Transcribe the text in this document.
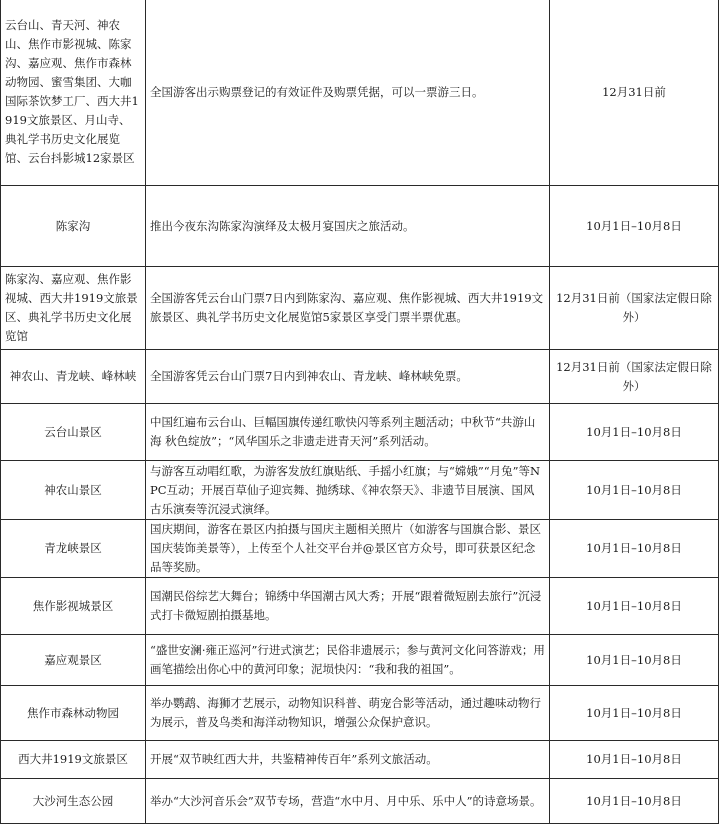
云台山、青天河、神农山、焦作市影视城、陈家沟、嘉应观、焦作市森林动物园、蜜雪集团、大咖国际茶饮梦工厂、西大井1919文旅景区、月山寺、典礼学书历史文化展览馆、云台抖影城12家景区	全国游客出示购票登记的有效证件及购票凭据，可以一票游三日。	12月31日前
陈家沟	推出今夜东沟陈家沟演绎及太极月宴国庆之旅活动。	10月1日–10月8日
陈家沟、嘉应观、焦作影视城、西大井1919文旅景区、典礼学书历史文化展览馆	全国游客凭云台山门票7日内到陈家沟、嘉应观、焦作影视城、西大井1919文旅景区、典礼学书历史文化展览馆5家景区享受门票半票优惠。	12月31日前（国家法定假日除外）
神农山、青龙峡、峰林峡	全国游客凭云台山门票7日内到神农山、青龙峡、峰林峡免票。	12月31日前（国家法定假日除外）
云台山景区	中国红遍布云台山、巨幅国旗传递红歌快闪等系列主题活动；中秋节“共游山海 秋色绽放”；“风华国乐之非遗走进青天河”系列活动。	10月1日–10月8日
神农山景区	与游客互动唱红歌，为游客发放红旗贴纸、手摇小红旗；与“嫦娥”“月兔”等NPC互动；开展百草仙子迎宾舞、抛绣球、《神农祭天》、非遗节目展演、国风古乐演奏等沉浸式演绎。	10月1日–10月8日
青龙峡景区	国庆期间，游客在景区内拍摄与国庆主题相关照片（如游客与国旗合影、景区国庆装饰美景等），上传至个人社交平台并@景区官方众号，即可获景区纪念品等奖励。	10月1日–10月8日
焦作影视城景区	国潮民俗综艺大舞台；锦绣中华国潮古风大秀；开展“跟着微短剧去旅行”沉浸式打卡微短剧拍摄基地。	10月1日–10月8日
嘉应观景区	“盛世安澜·雍正巡河”行进式演艺；民俗非遗展示；参与黄河文化问答游戏；用画笔描绘出你心中的黄河印象；泥埙快闪：“我和我的祖国”。	10月1日–10月8日
焦作市森林动物园	举办鹦鹉、海狮才艺展示，动物知识科普、萌宠合影等活动，通过趣味动物行为展示，普及鸟类和海洋动物知识，增强公众保护意识。	10月1日–10月8日
西大井1919文旅景区	开展“双节映红西大井，共鉴精神传百年”系列文旅活动。	10月1日–10月8日
大沙河生态公园	举办“大沙河音乐会”双节专场，营造“水中月、月中乐、乐中人”的诗意场景。	10月1日–10月8日
